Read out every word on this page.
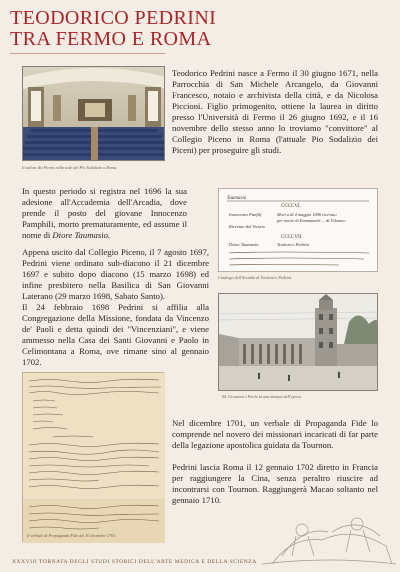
TEODORICO PEDRINI
TRA FERMO E ROMA
Il salone dei Piceni nella sede del Pio Sodalizio a Roma.
Teodorico Pedrini nasce a Fermo il 30 giugno 1671, nella Parrocchia di San Michele Arcangelo, da Giovanni Francesco, notaio e archivista della città, e da Nicolosa Piccioni. Figlio primogenito, ottiene la laurea in diritto presso l'Università di Fermo il 26 giugno 1692, e il 16 novembre dello stesso anno lo troviamo "convittore" al Collegio Piceno in Roma (l'attuale Pio Sodalizio dei Piceni) per proseguire gli studi.
In questo periodo si registra nel 1696 la sua adesione all'Accademia dell'Arcadia, dove prende il posto del giovane Innocenzo Pamphili, morto prematuramente, ed assume il nome di Diore Taumasio.
Taumasio
CCCCVI.
Innocenzo Panfilj	Morì a dì 4 maggio 1696 ricevuto
per morte di Emmanuele ... di Tolomeo
Ricevuto dal Vicario
CCCCVII.
Diore Taumasio	Teodorico Pedrini
Catalogo dell'Arcadia di Teodorico Pedrini.
Appena uscito dal Collegio Piceno, il 7 agosto 1697, Pedrini viene ordinato sub-diacono il 21 dicembre 1697 e subito dopo diacono (15 marzo 1698) ed infine presbitero nella Basilica di San Giovanni Laterano (29 marzo 1698, Sabato Santo).
Il 24 febbraio 1698 Pedrini si affilia alla Congregazione della Missione, fondata da Vincenzo de' Paoli e detta quindi dei "Vincenziani", e viene ammesso nella Casa dei Santi Giovanni e Paolo in Celimontana a Roma, ove rimane sino al gennaio 1702.
SS. Giovanni e Paolo in una stampa dell'epoca.
Il verbale di Propaganda Fide del 30 dicembre 1701.
Nel dicembre 1701, un verbale di Propaganda Fide lo comprende nel novero dei missionari incaricati di far parte della legazione apostolica guidata da Tournon.
Pedrini lascia Roma il 12 gennaio 1702 diretto in Francia per raggiungere la Cina, senza peraltro riuscire ad incontrarsi con Tournon. Raggiungerà Macao soltanto nel gennaio 1710.
XXXVIII TORNATA DEGLI STUDI STORICI DELL'ARTE MEDICA E DELLA SCIENZA
